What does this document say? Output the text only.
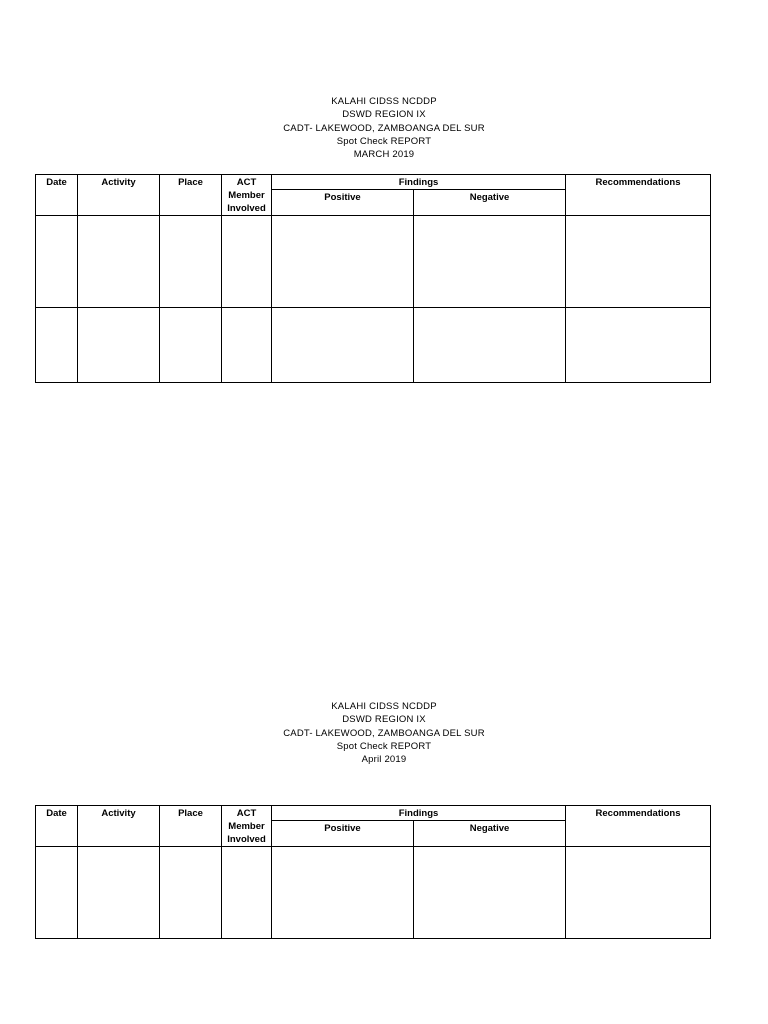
KALAHI CIDSS NCDDP
DSWD REGION IX
CADT- LAKEWOOD, ZAMBOANGA DEL SUR
Spot Check REPORT
MARCH 2019
Date	Activity	Place	ACT Member Involved	Findings		Recommendations
				Positive	Negative	

KALAHI CIDSS NCDDP
DSWD REGION IX
CADT- LAKEWOOD, ZAMBOANGA DEL SUR
Spot Check REPORT
April 2019
Date	Activity	Place	ACT Member Involved	Findings		Recommendations
				Positive	Negative	
